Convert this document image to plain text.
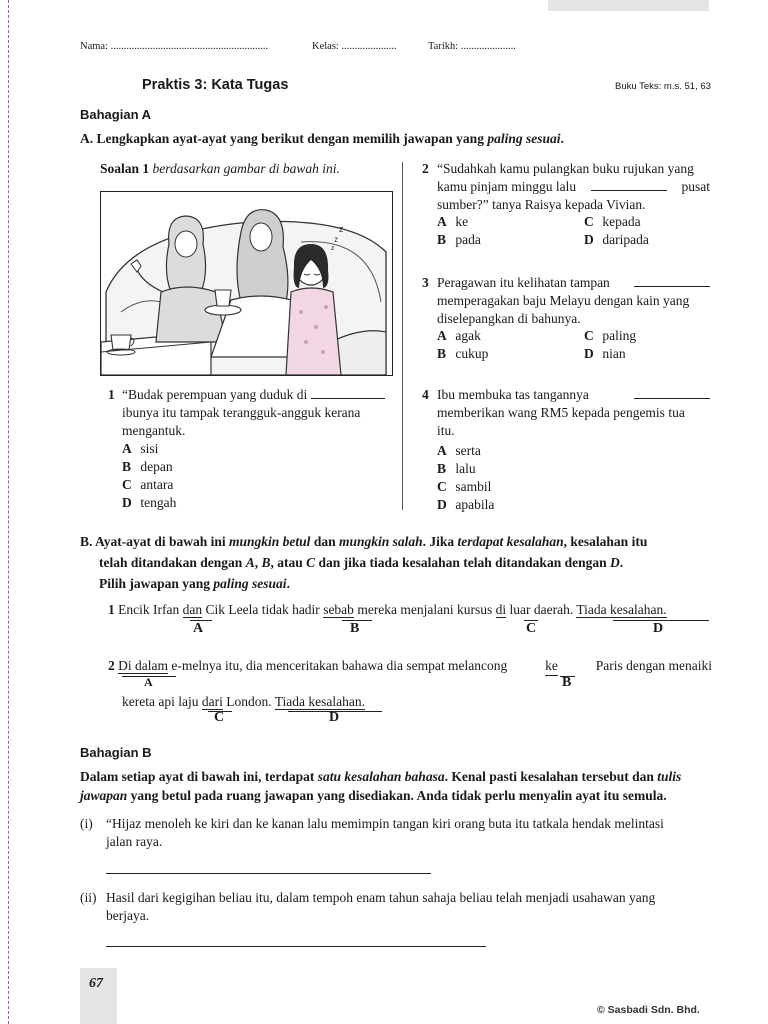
Nama: ............................................................	Kelas: .....................	Tarikh: .....................
Praktis 3: Kata Tugas	Buku Teks: m.s. 51, 63
Bahagian A
A. Lengkapkan ayat-ayat yang berikut dengan memilih jawapan yang paling sesuai.
Soalan 1 berdasarkan gambar di bawah ini.
z
z
z
1 “Budak perempuan yang duduk di
ibunya itu tampak terangguk-angguk kerana
mengantuk.
A sisi
B depan
C antara
D tengah
2 “Sudahkah kamu pulangkan buku rujukan yang
kamu pinjam minggu lalu	pusat
sumber?” tanya Raisya kepada Vivian.
A ke	C kepada
B pada	D daripada
3 Peragawan itu kelihatan tampan
memperagakan baju Melayu dengan kain yang
diselepangkan di bahunya.
A agak	C paling
B cukup	D nian
4 Ibu membuka tas tangannya
memberikan wang RM5 kepada pengemis tua
itu.
A serta
B lalu
C sambil
D apabila
B. Ayat-ayat di bawah ini mungkin betul dan mungkin salah. Jika terdapat kesalahan, kesalahan itu
telah ditandakan dengan A, B, atau C dan jika tiada kesalahan telah ditandakan dengan D.
Pilih jawapan yang paling sesuai.
1 Encik Irfan dan Cik Leela tidak hadir sebab mereka menjalani kursus di luar daerah. Tiada kesalahan.
A	B	C	D
2 Di dalam e-melnya itu, dia menceritakan bahawa dia sempat melancong	ke	Paris dengan menaiki
A	B
kereta api laju dari London. Tiada kesalahan.
C	D
Bahagian B
Dalam setiap ayat di bawah ini, terdapat satu kesalahan bahasa. Kenal pasti kesalahan tersebut dan tulis
jawapan yang betul pada ruang jawapan yang disediakan. Anda tidak perlu menyalin ayat itu semula.
(i) “Hijaz menoleh ke kiri dan ke kanan lalu memimpin tangan kiri orang buta itu tatkala hendak melintasi
jalan raya.
(ii) Hasil dari kegigihan beliau itu, dalam tempoh enam tahun sahaja beliau telah menjadi usahawan yang
berjaya.
67
© Sasbadi Sdn. Bhd.
